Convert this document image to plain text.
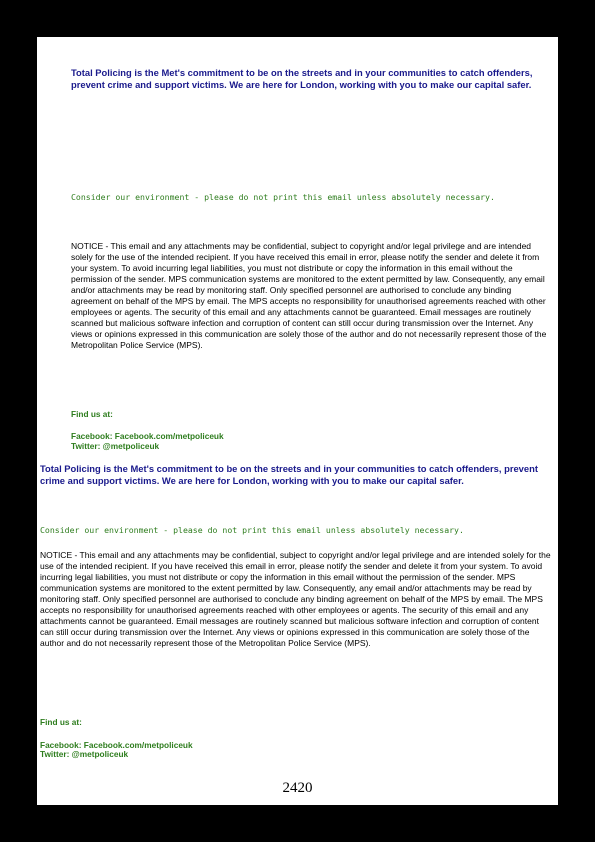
Total Policing is the Met's commitment to be on the streets and in your communities to catch offenders, prevent crime and support victims. We are here for London, working with you to make our capital safer.
Consider our environment - please do not print this email unless absolutely necessary.
NOTICE - This email and any attachments may be confidential, subject to copyright and/or legal privilege and are intended solely for the use of the intended recipient. If you have received this email in error, please notify the sender and delete it from your system. To avoid incurring legal liabilities, you must not distribute or copy the information in this email without the permission of the sender. MPS communication systems are monitored to the extent permitted by law. Consequently, any email and/or attachments may be read by monitoring staff. Only specified personnel are authorised to conclude any binding agreement on behalf of the MPS by email. The MPS accepts no responsibility for unauthorised agreements reached with other employees or agents. The security of this email and any attachments cannot be guaranteed. Email messages are routinely scanned but malicious software infection and corruption of content can still occur during transmission over the Internet. Any views or opinions expressed in this communication are solely those of the author and do not necessarily represent those of the Metropolitan Police Service (MPS).
Find us at:
Facebook: Facebook.com/metpoliceuk
Twitter: @metpoliceuk
Total Policing is the Met's commitment to be on the streets and in your communities to catch offenders, prevent crime and support victims. We are here for London, working with you to make our capital safer.
Consider our environment - please do not print this email unless absolutely necessary.
NOTICE - This email and any attachments may be confidential, subject to copyright and/or legal privilege and are intended solely for the use of the intended recipient. If you have received this email in error, please notify the sender and delete it from your system. To avoid incurring legal liabilities, you must not distribute or copy the information in this email without the permission of the sender. MPS communication systems are monitored to the extent permitted by law. Consequently, any email and/or attachments may be read by monitoring staff. Only specified personnel are authorised to conclude any binding agreement on behalf of the MPS by email. The MPS accepts no responsibility for unauthorised agreements reached with other employees or agents. The security of this email and any attachments cannot be guaranteed. Email messages are routinely scanned but malicious software infection and corruption of content can still occur during transmission over the Internet. Any views or opinions expressed in this communication are solely those of the author and do not necessarily represent those of the Metropolitan Police Service (MPS).
Find us at:
Facebook: Facebook.com/metpoliceuk
Twitter: @metpoliceuk
2420
